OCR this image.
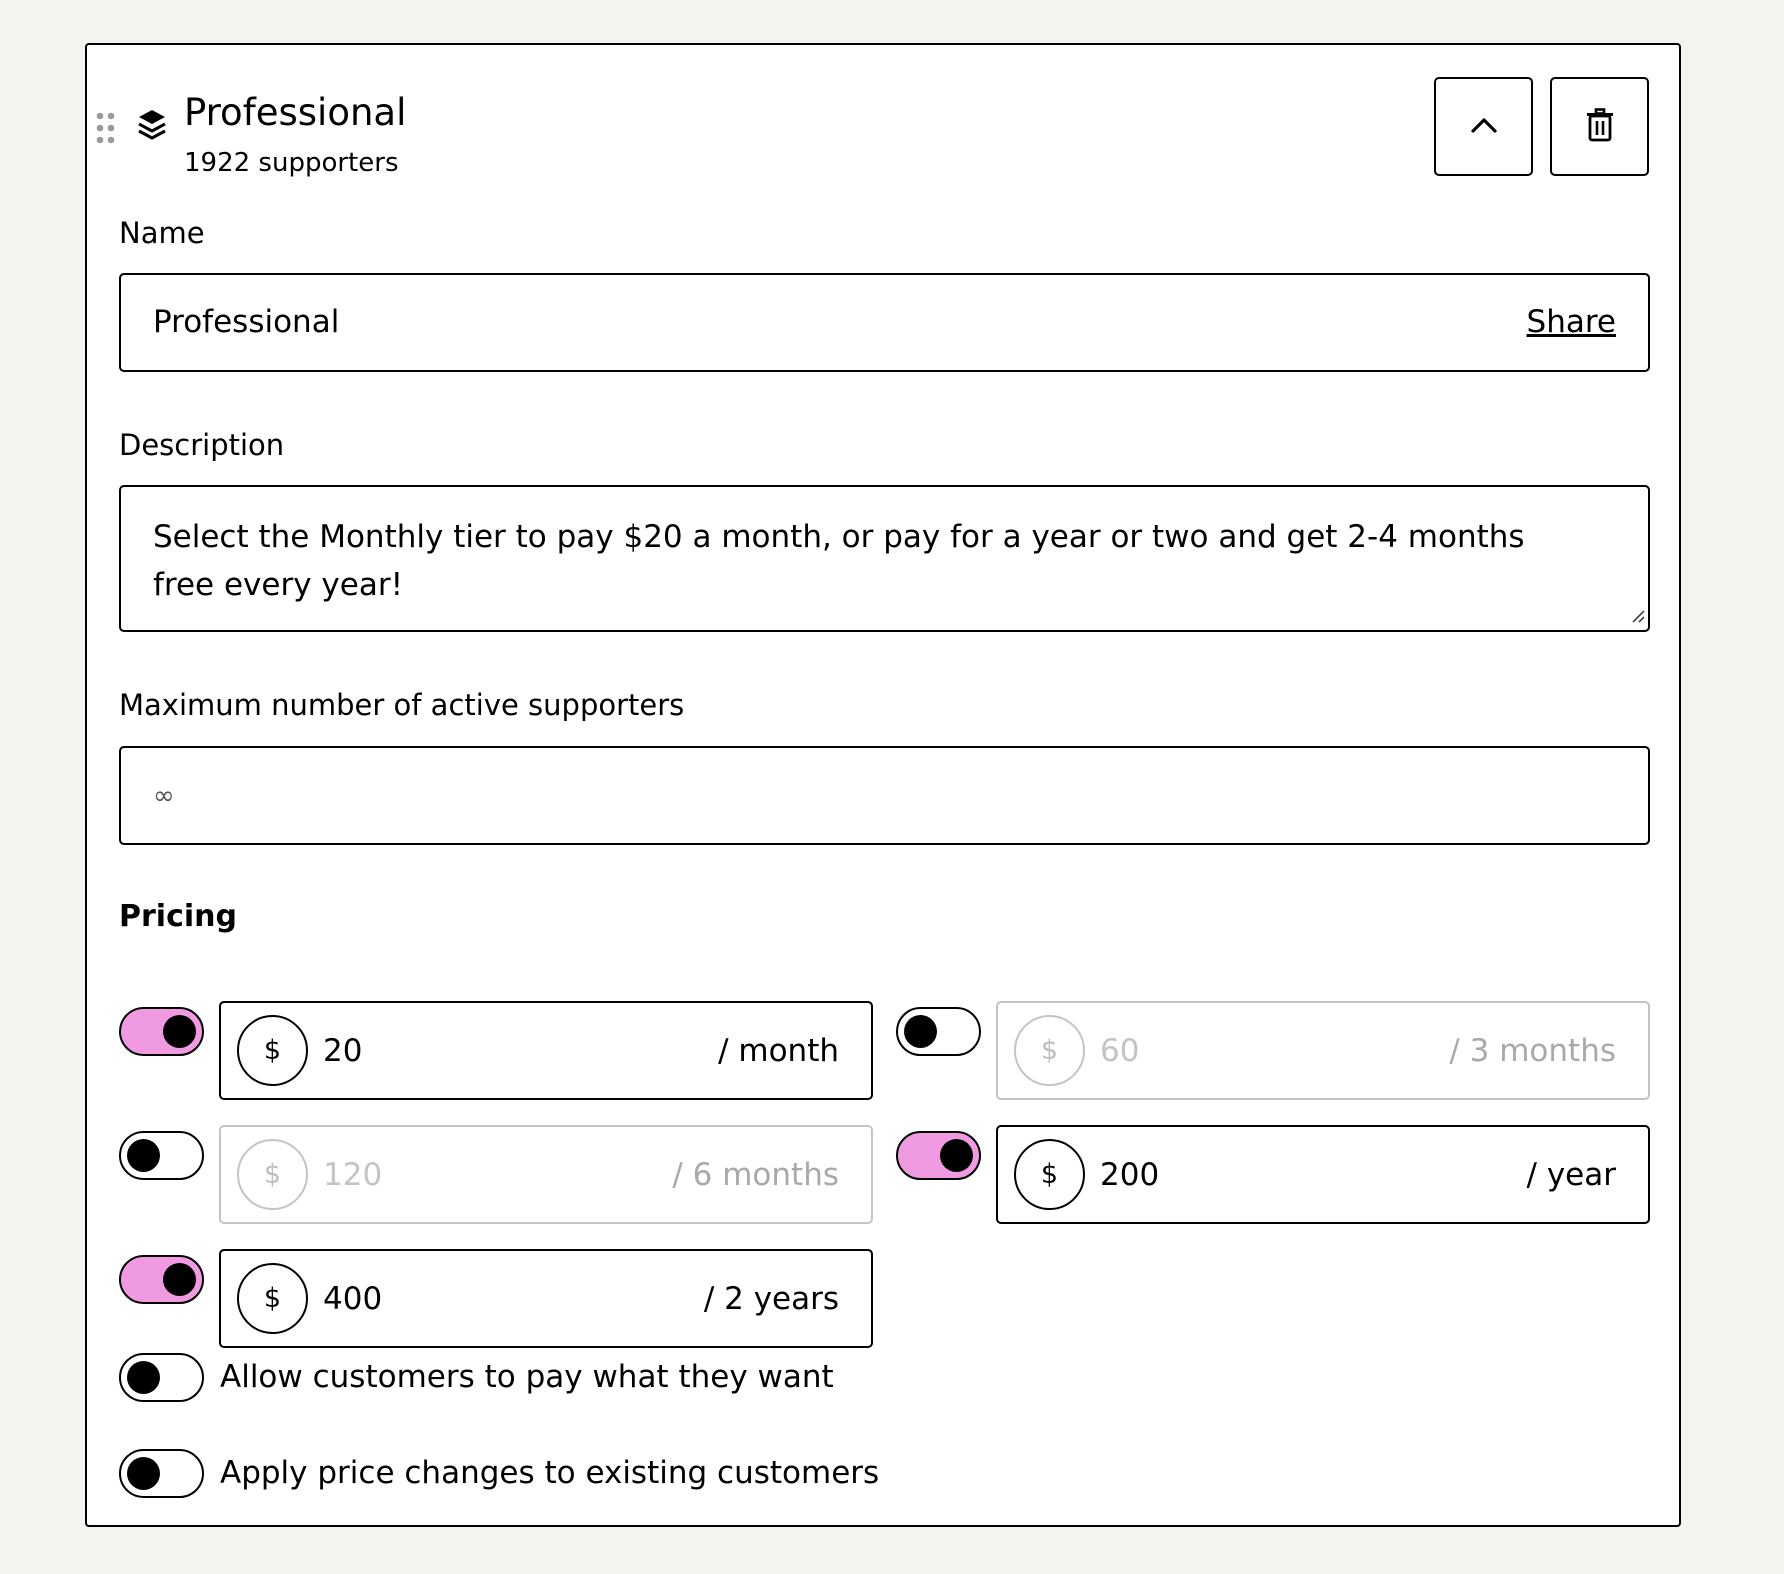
Professional
1922 supporters
Name
Professional	Share
Description
Select the Monthly tier to pay $20 a month, or pay for a year or two and get 2-4 months free every year!
Maximum number of active supporters
∞
Pricing
$	20	/ month	$	60	/ 3 months
$	120	/ 6 months	$	200	/ year
$	400	/ 2 years
Allow customers to pay what they want
Apply price changes to existing customers
